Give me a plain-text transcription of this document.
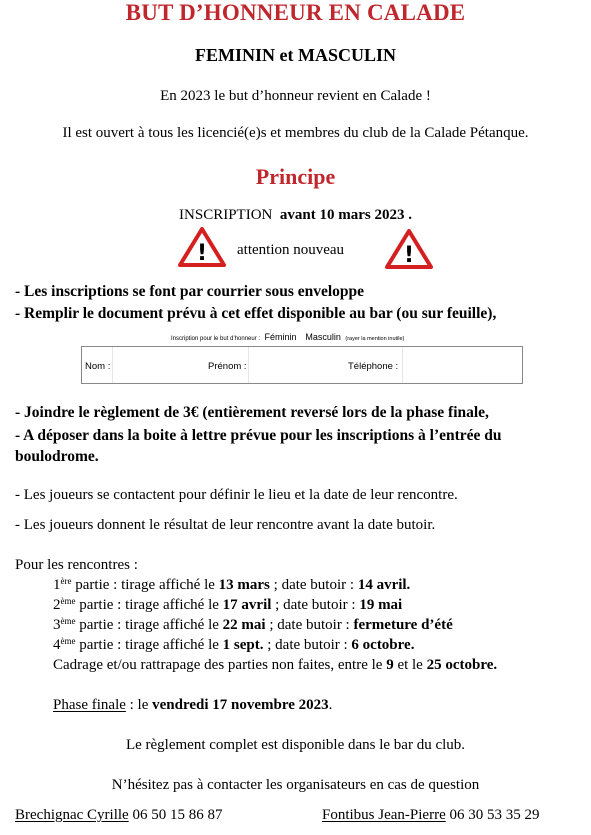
BUT D’HONNEUR EN CALADE
FEMININ et MASCULIN
En 2023 le but d’honneur revient en Calade !
Il est ouvert à tous les licencié(e)s et membres du club de la Calade Pétanque.
Principe
INSCRIPTION avant 10 mars 2023 .
! attention nouveau	!
- Les inscriptions se font par courrier sous enveloppe
- Remplir le document prévu à cet effet disponible au bar (ou sur feuille),
Inscription pour le but d’honneur : Féminin Masculin (rayer la mention inutile)
Nom :	Prénom :	Téléphone :
- Joindre le règlement de 3€ (entièrement reversé lors de la phase finale,
- A déposer dans la boite à lettre prévue pour les inscriptions à l’entrée du
boulodrome.
- Les joueurs se contactent pour définir le lieu et la date de leur rencontre.
- Les joueurs donnent le résultat de leur rencontre avant la date butoir.
Pour les rencontres :
1ère partie : tirage affiché le 13 mars ; date butoir : 14 avril.
2ème partie : tirage affiché le 17 avril ; date butoir : 19 mai
3ème partie : tirage affiché le 22 mai ; date butoir : fermeture d’été
4ème partie : tirage affiché le 1 sept. ; date butoir : 6 octobre.
Cadrage et/ou rattrapage des parties non faites, entre le 9 et le 25 octobre.
Phase finale : le vendredi 17 novembre 2023.
Le règlement complet est disponible dans le bar du club.
N’hésitez pas à contacter les organisateurs en cas de question
Brechignac Cyrille 06 50 15 86 87	Fontibus Jean-Pierre 06 30 53 35 29
